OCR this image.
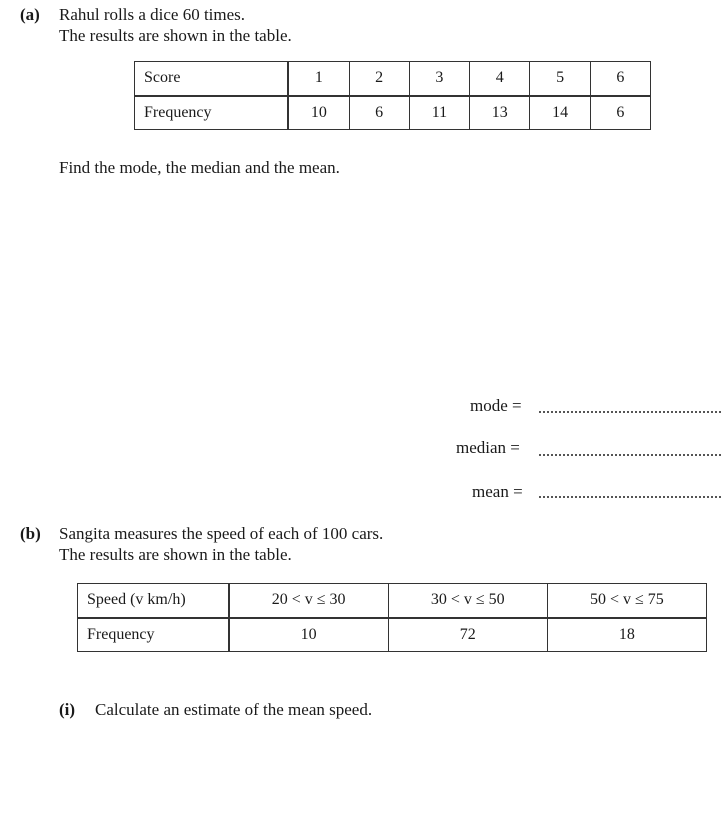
(a) Rahul rolls a dice 60 times.
The results are shown in the table.
Score	1	2	3	4	5	6
Frequency	10	6	11	13	14	6
Find the mode, the median and the mean.
mode =
median =
mean =
(b) Sangita measures the speed of each of 100 cars.
The results are shown in the table.
Speed (v km/h)	20 < v ≤ 30	30 < v ≤ 50	50 < v ≤ 75
Frequency	10	72	18
(i) Calculate an estimate of the mean speed.
